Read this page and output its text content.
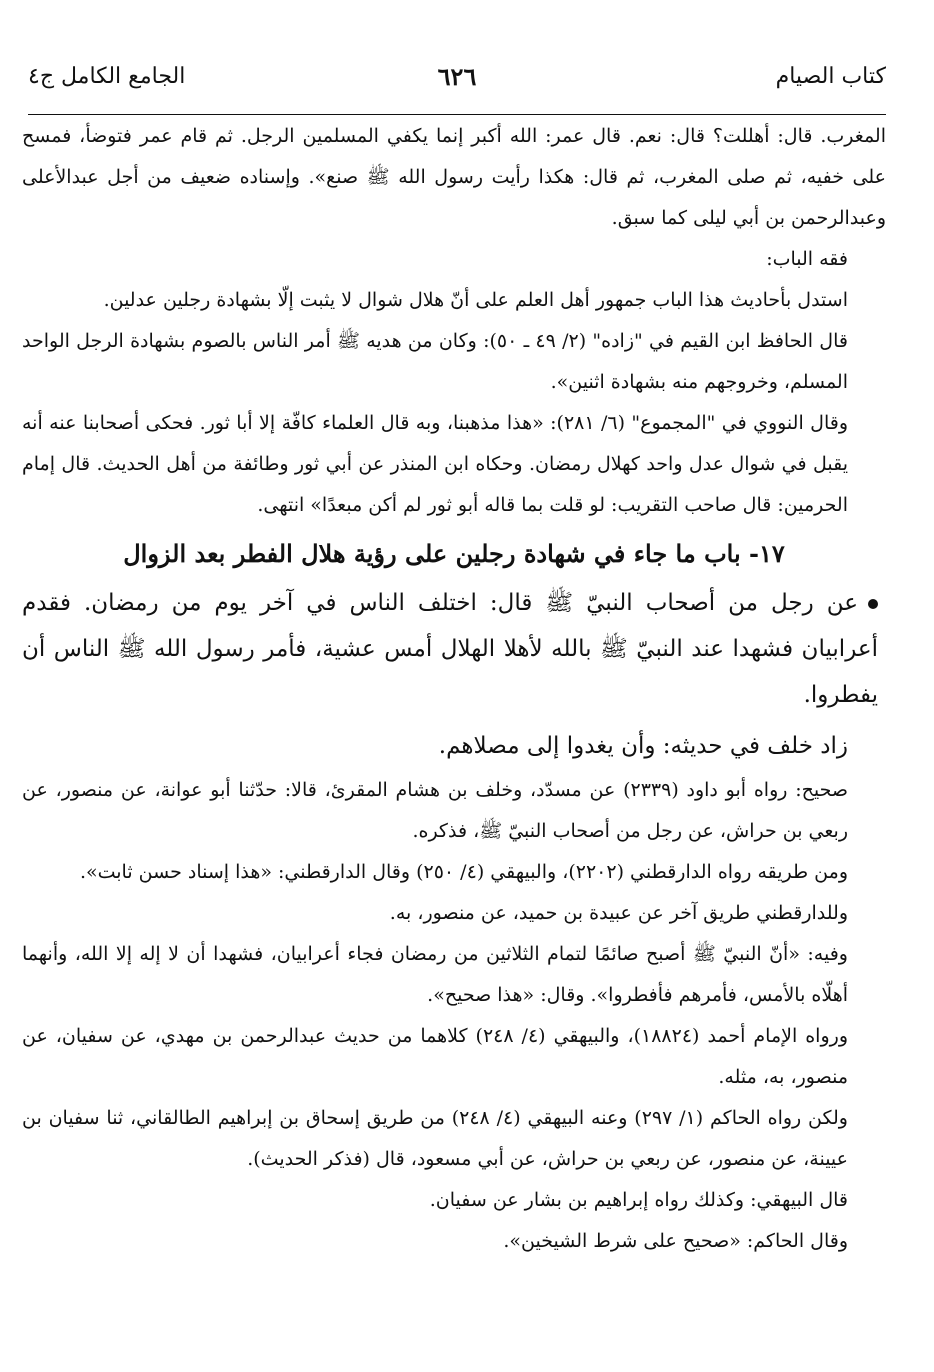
كتاب الصيام
٦٢٦
الجامع الكامل ج٤

المغرب. قال: أهللت؟ قال: نعم. قال عمر: الله أكبر إنما يكفي المسلمين الرجل. ثم قام عمر فتوضأ، فمسح على خفيه، ثم صلى المغرب، ثم قال: هكذا رأيت رسول الله ﷺ صنع». وإسناده ضعيف من أجل عبدالأعلى وعبدالرحمن بن أبي ليلى كما سبق.

فقه الباب:

استدل بأحاديث هذا الباب جمهور أهل العلم على أنّ هلال شوال لا يثبت إلّا بشهادة رجلين عدلين.

قال الحافظ ابن القيم في "زاده" (٢/ ٤٩ ـ ٥٠): وكان من هديه ﷺ أمر الناس بالصوم بشهادة الرجل الواحد المسلم، وخروجهم منه بشهادة اثنين».

وقال النووي في "المجموع" (٦/ ٢٨١): «هذا مذهبنا، وبه قال العلماء كافّة إلا أبا ثور. فحكى أصحابنا عنه أنه يقبل في شوال عدل واحد كهلال رمضان. وحكاه ابن المنذر عن أبي ثور وطائفة من أهل الحديث. قال إمام الحرمين: قال صاحب التقريب: لو قلت بما قاله أبو ثور لم أكن مبعدًا» انتهى.

١٧- باب ما جاء في شهادة رجلين على رؤية هلال الفطر بعد الزوال

عن رجل من أصحاب النبيّ ﷺ قال: اختلف الناس في آخر يوم من رمضان. فقدم أعرابيان فشهدا عند النبيّ ﷺ بالله لأهلا الهلال أمس عشية، فأمر رسول الله ﷺ الناس أن يفطروا.

زاد خلف في حديثه: وأن يغدوا إلى مصلاهم.

صحيح: رواه أبو داود (٢٣٣٩) عن مسدّد، وخلف بن هشام المقرئ، قالا: حدّثنا أبو عوانة، عن منصور، عن ربعي بن حراش، عن رجل من أصحاب النبيّ ﷺ، فذكره.

ومن طريقه رواه الدارقطني (٢٢٠٢)، والبيهقي (٤/ ٢٥٠) وقال الدارقطني: «هذا إسناد حسن ثابت».

وللدارقطني طريق آخر عن عبيدة بن حميد، عن منصور، به.

وفيه: «أنّ النبيّ ﷺ أصبح صائمًا لتمام الثلاثين من رمضان فجاء أعرابيان، فشهدا أن لا إله إلا الله، وأنهما أهلّاه بالأمس، فأمرهم فأفطروا». وقال: «هذا صحيح».

ورواه الإمام أحمد (١٨٨٢٤)، والبيهقي (٤/ ٢٤٨) كلاهما من حديث عبدالرحمن بن مهدي، عن سفيان، عن منصور، به، مثله.

ولكن رواه الحاكم (١/ ٢٩٧) وعنه البيهقي (٤/ ٢٤٨) من طريق إسحاق بن إبراهيم الطالقاني، ثنا سفيان بن عيينة، عن منصور، عن ربعي بن حراش، عن أبي مسعود، قال (فذكر الحديث).

قال البيهقي: وكذلك رواه إبراهيم بن بشار عن سفيان.

وقال الحاكم: «صحيح على شرط الشيخين».
